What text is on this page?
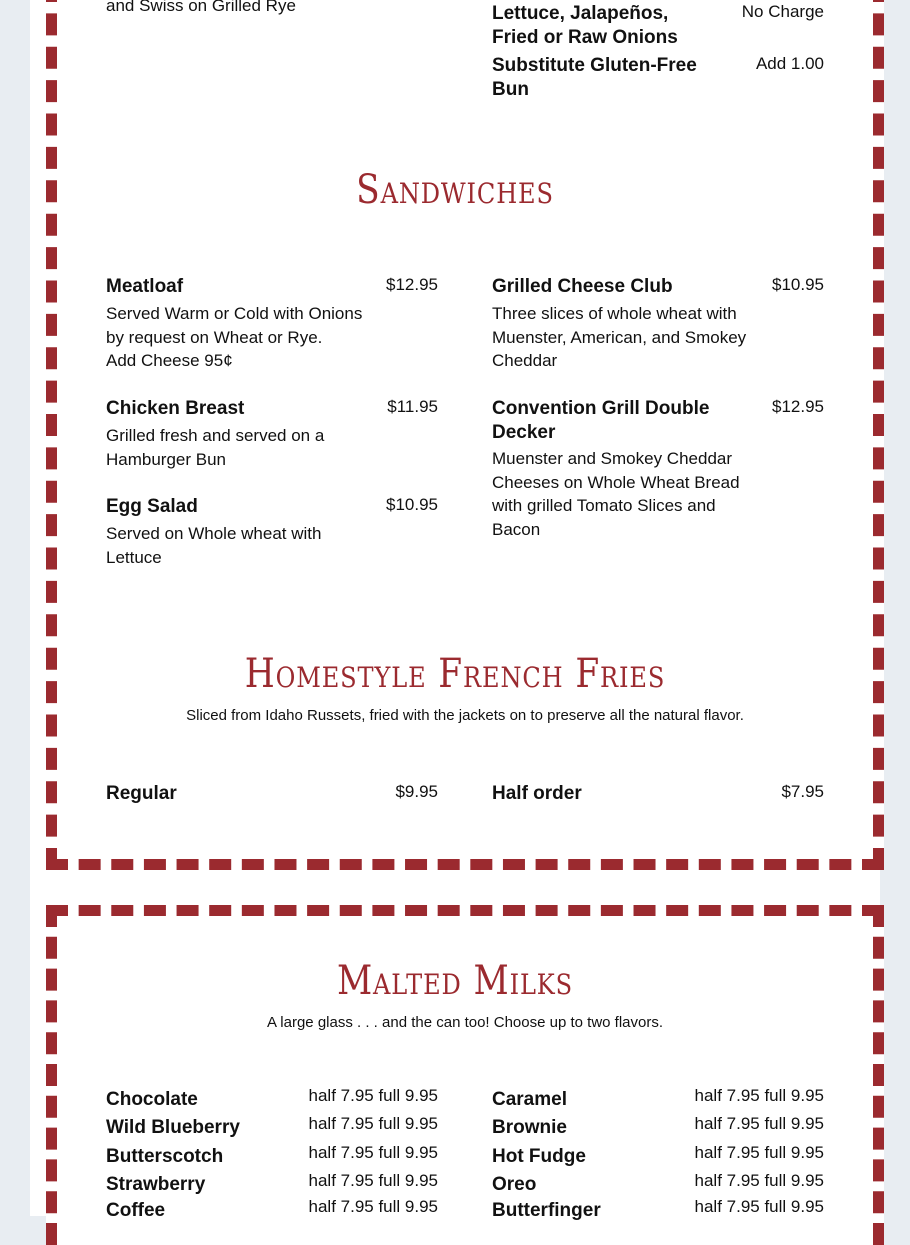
and Swiss on Grilled Rye	Lettuce, Jalapeños, Fried or Raw Onions
No Charge
Substitute Gluten-Free Bun
Add 1.00
Sandwiches
Meatloaf	$12.95
Served Warm or Cold with Onions by request on Wheat or Rye.
Add Cheese 95¢
Chicken Breast	$11.95
Grilled fresh and served on a Hamburger Bun
Egg Salad	$10.95
Served on Whole wheat with Lettuce
Grilled Cheese Club	$10.95
Three slices of whole wheat with Muenster, American, and Smokey Cheddar
Convention Grill Double Decker
$12.95
Muenster and Smokey Cheddar Cheeses on Whole Wheat Bread with grilled Tomato Slices and Bacon
Homestyle French Fries
Sliced from Idaho Russets, fried with the jackets on to preserve all the natural flavor.
Regular	$9.95	Half order	$7.95
Malted Milks
A large glass . . . and the can too! Choose up to two flavors.
Chocolate	half 7.95 full 9.95
Wild Blueberry	half 7.95 full 9.95
Butterscotch	half 7.95 full 9.95
Strawberry	half 7.95 full 9.95
Coffee	half 7.95 full 9.95
Caramel	half 7.95 full 9.95
Brownie	half 7.95 full 9.95
Hot Fudge	half 7.95 full 9.95
Oreo	half 7.95 full 9.95
Butterfinger	half 7.95 full 9.95
